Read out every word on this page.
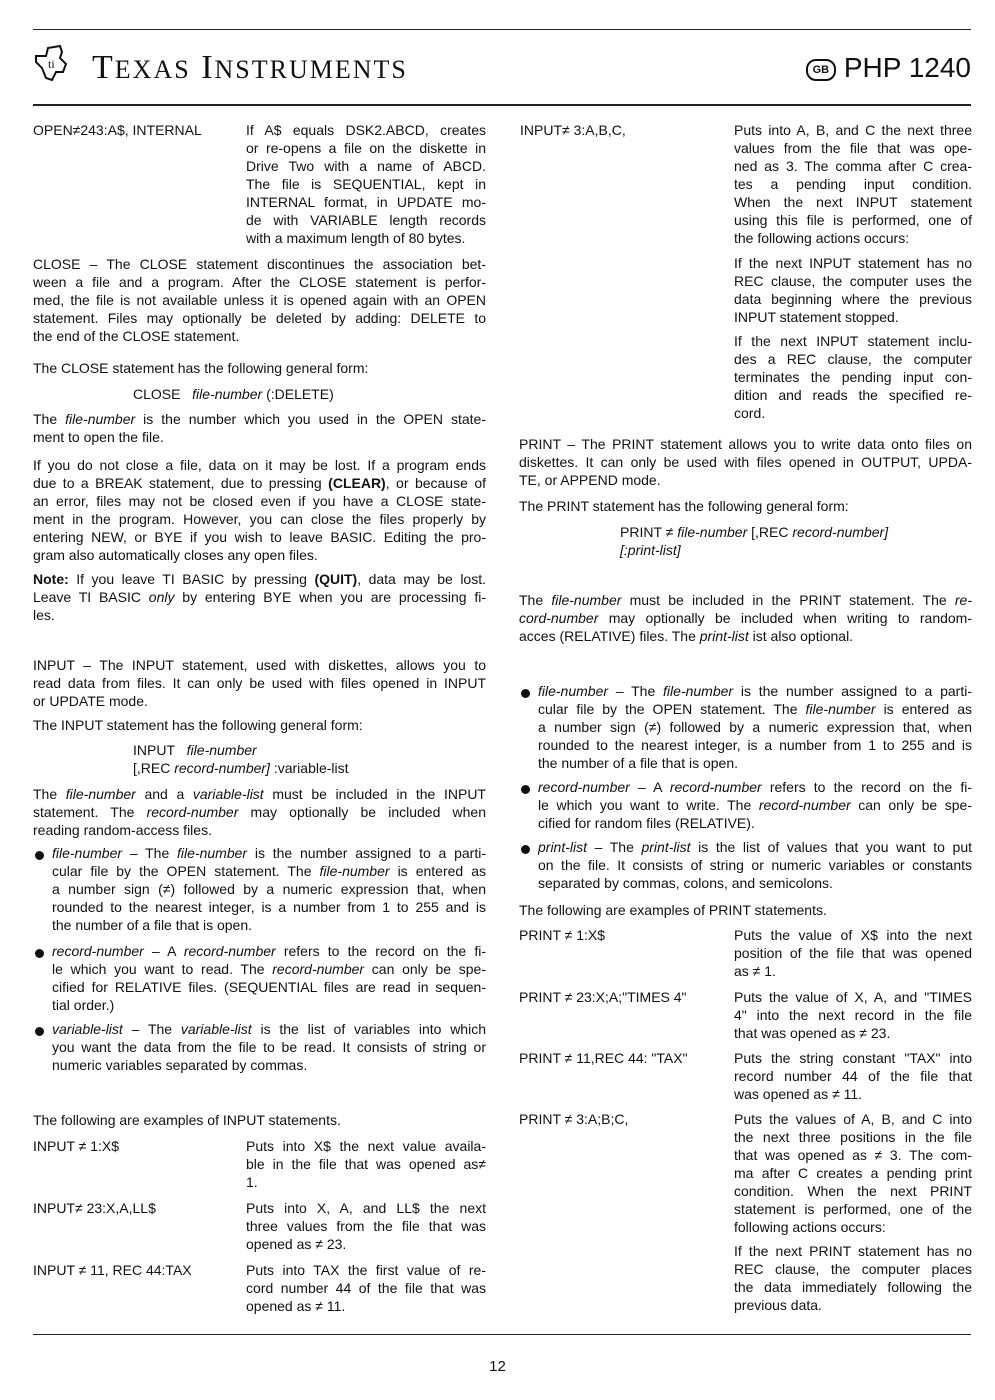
ti TEXAS INSTRUMENTS	GB PHP 1240
OPEN≠243:A$, INTERNAL	If A$ equals DSK2.ABCD, creates
or re-opens a file on the diskette in
Drive Two with a name of ABCD.
The file is SEQUENTIAL, kept in
INTERNAL format, in UPDATE mo-
de with VARIABLE length records
with a maximum length of 80 bytes.
CLOSE – The CLOSE statement discontinues the association bet-
ween a file and a program. After the CLOSE statement is perfor-
med, the file is not available unless it is opened again with an OPEN
statement. Files may optionally be deleted by adding: DELETE to
the end of the CLOSE statement.
The CLOSE statement has the following general form:
CLOSE file-number (:DELETE)
The file-number is the number which you used in the OPEN state-
ment to open the file.
If you do not close a file, data on it may be lost. If a program ends
due to a BREAK statement, due to pressing (CLEAR), or because of
an error, files may not be closed even if you have a CLOSE state-
ment in the program. However, you can close the files properly by
entering NEW, or BYE if you wish to leave BASIC. Editing the pro-
gram also automatically closes any open files.
Note: If you leave TI BASIC by pressing (QUIT), data may be lost.
Leave TI BASIC only by entering BYE when you are processing fi-
les.
INPUT – The INPUT statement, used with diskettes, allows you to
read data from files. It can only be used with files opened in INPUT
or UPDATE mode.
The INPUT statement has the following general form:
INPUT file-number
[,REC record-number] :variable-list
The file-number and a variable-list must be included in the INPUT
statement. The record-number may optionally be included when
reading random-access files.
file-number – The file-number is the number assigned to a parti-
cular file by the OPEN statement. The file-number is entered as
a number sign (≠) followed by a numeric expression that, when
rounded to the nearest integer, is a number from 1 to 255 and is
the number of a file that is open.
record-number – A record-number refers to the record on the fi-
le which you want to read. The record-number can only be spe-
cified for RELATIVE files. (SEQUENTIAL files are read in sequen-
tial order.)
variable-list – The variable-list is the list of variables into which
you want the data from the file to be read. It consists of string or
numeric variables separated by commas.
The following are examples of INPUT statements.
INPUT ≠ 1:X$	Puts into X$ the next value availa-
ble in the file that was opened as≠
1.
INPUT≠ 23:X,A,LL$	Puts into X, A, and LL$ the next
three values from the file that was
opened as ≠ 23.
INPUT ≠ 11, REC 44:TAX	Puts into TAX the first value of re-
cord number 44 of the file that was
opened as ≠ 11.
INPUT≠ 3:A,B,C,	Puts into A, B, and C the next three
values from the file that was ope-
ned as 3. The comma after C crea-
tes a pending input condition.
When the next INPUT statement
using this file is performed, one of
the following actions occurs:
If the next INPUT statement has no
REC clause, the computer uses the
data beginning where the previous
INPUT statement stopped.
If the next INPUT statement inclu-
des a REC clause, the computer
terminates the pending input con-
dition and reads the specified re-
cord.
PRINT – The PRINT statement allows you to write data onto files on
diskettes. It can only be used with files opened in OUTPUT, UPDA-
TE, or APPEND mode.
The PRINT statement has the following general form:
PRINT ≠ file-number [,REC record-number]
[:print-list]
The file-number must be included in the PRINT statement. The re-
cord-number may optionally be included when writing to random-
acces (RELATIVE) files. The print-list ist also optional.
file-number – The file-number is the number assigned to a parti-
cular file by the OPEN statement. The file-number is entered as
a number sign (≠) followed by a numeric expression that, when
rounded to the nearest integer, is a number from 1 to 255 and is
the number of a file that is open.
record-number – A record-number refers to the record on the fi-
le which you want to write. The record-number can only be spe-
cified for random files (RELATIVE).
print-list – The print-list is the list of values that you want to put
on the file. It consists of string or numeric variables or constants
separated by commas, colons, and semicolons.
The following are examples of PRINT statements.
PRINT ≠ 1:X$	Puts the value of X$ into the next
position of the file that was opened
as ≠ 1.
PRINT ≠ 23:X;A;"TIMES 4"	Puts the value of X, A, and "TIMES
4" into the next record in the file
that was opened as ≠ 23.
PRINT ≠ 11,REC 44: "TAX"	Puts the string constant "TAX" into
record number 44 of the file that
was opened as ≠ 11.
PRINT ≠ 3:A;B;C,	Puts the values of A, B, and C into
the next three positions in the file
that was opened as ≠ 3. The com-
ma after C creates a pending print
condition. When the next PRINT
statement is performed, one of the
following actions occurs:
If the next PRINT statement has no
REC clause, the computer places
the data immediately following the
previous data.
12
